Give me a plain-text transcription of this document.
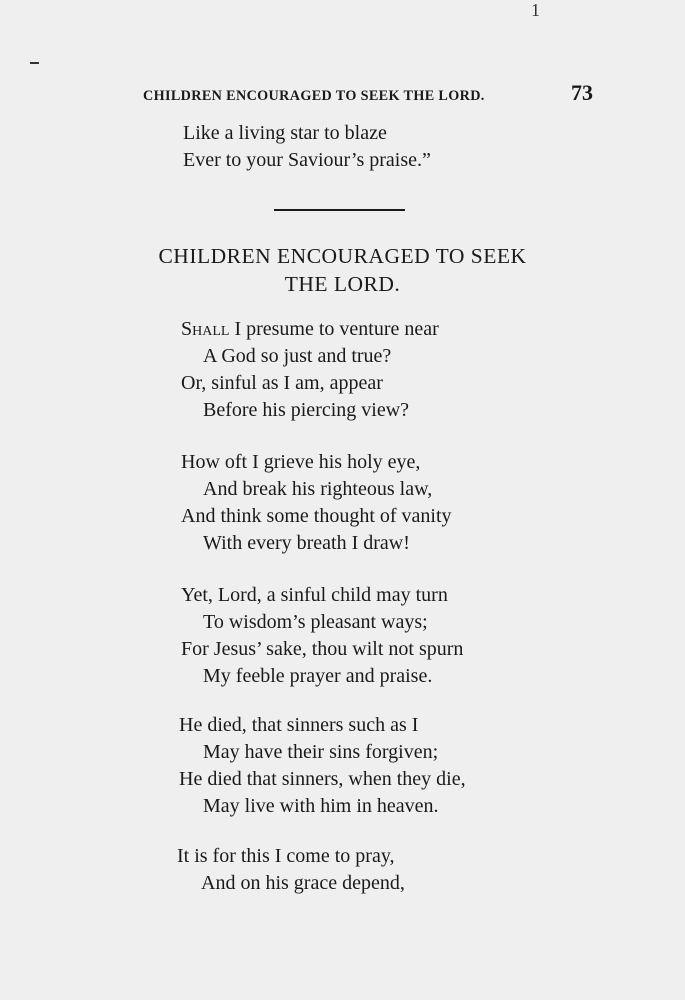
1
CHILDREN ENCOURAGED TO SEEK THE LORD.	73
Like a living star to blaze
Ever to your Saviour’s praise.”
CHILDREN ENCOURAGED TO SEEK
THE LORD.
Shall I presume to venture near
A God so just and true?
Or, sinful as I am, appear
Before his piercing view?
How oft I grieve his holy eye,
And break his righteous law,
And think some thought of vanity
With every breath I draw!
Yet, Lord, a sinful child may turn
To wisdom’s pleasant ways;
For Jesus’ sake, thou wilt not spurn
My feeble prayer and praise.
He died, that sinners such as I
May have their sins forgiven;
He died that sinners, when they die,
May live with him in heaven.
It is for this I come to pray,
And on his grace depend,
